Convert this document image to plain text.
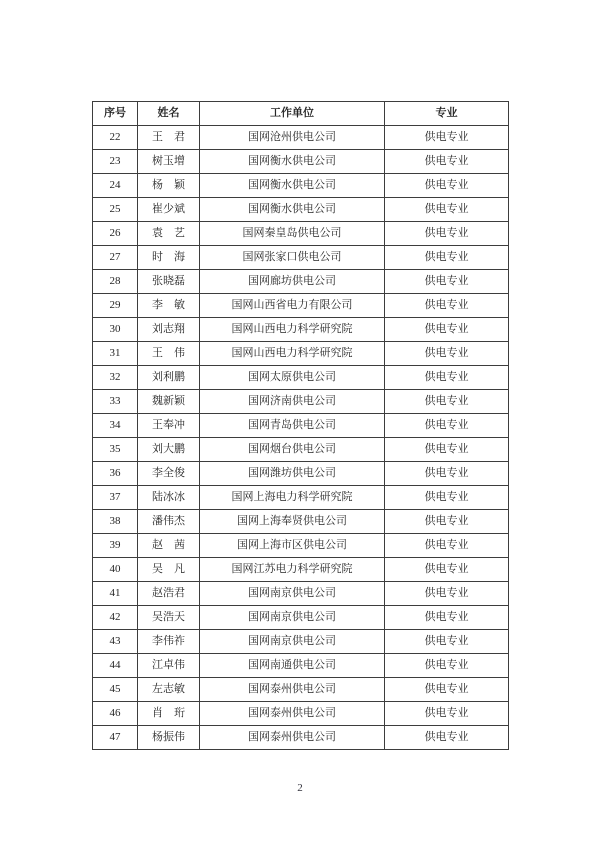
序号	姓名	工作单位	专业
22	王　君	国网沧州供电公司	供电专业
23	树玉增	国网衡水供电公司	供电专业
24	杨　颖	国网衡水供电公司	供电专业
25	崔少斌	国网衡水供电公司	供电专业
26	袁　艺	国网秦皇岛供电公司	供电专业
27	时　海	国网张家口供电公司	供电专业
28	张晓磊	国网廊坊供电公司	供电专业
29	李　敏	国网山西省电力有限公司	供电专业
30	刘志翔	国网山西电力科学研究院	供电专业
31	王　伟	国网山西电力科学研究院	供电专业
32	刘利鹏	国网太原供电公司	供电专业
33	魏新颖	国网济南供电公司	供电专业
34	王奉冲	国网青岛供电公司	供电专业
35	刘大鹏	国网烟台供电公司	供电专业
36	李全俊	国网潍坊供电公司	供电专业
37	陆冰冰	国网上海电力科学研究院	供电专业
38	潘伟杰	国网上海奉贤供电公司	供电专业
39	赵　茜	国网上海市区供电公司	供电专业
40	吴　凡	国网江苏电力科学研究院	供电专业
41	赵浩君	国网南京供电公司	供电专业
42	吴浩天	国网南京供电公司	供电专业
43	李伟祚	国网南京供电公司	供电专业
44	江卓伟	国网南通供电公司	供电专业
45	左志敏	国网泰州供电公司	供电专业
46	肖　珩	国网泰州供电公司	供电专业
47	杨振伟	国网泰州供电公司	供电专业
2
